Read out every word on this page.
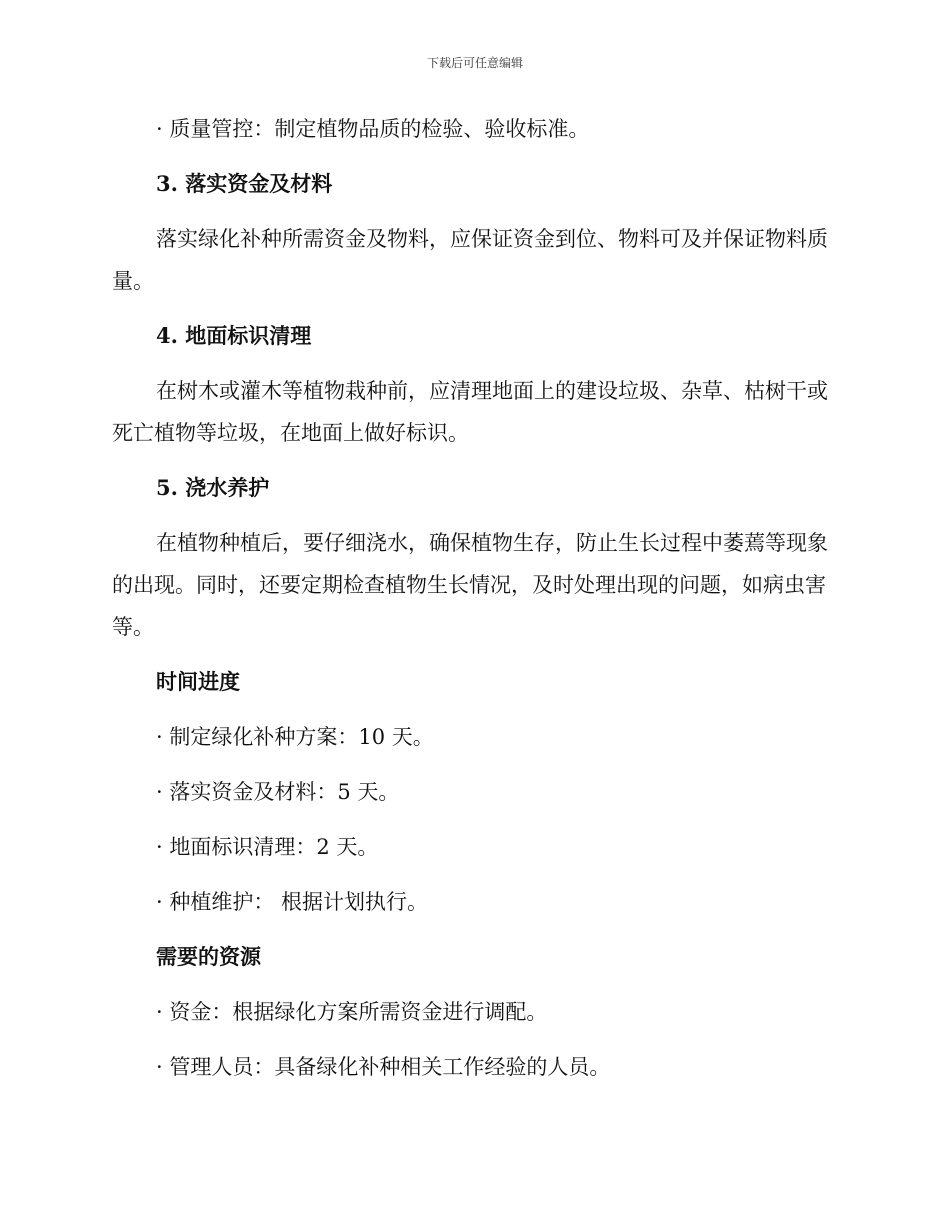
下载后可任意编辑

· 质量管控：制定植物品质的检验、验收标准。

3. 落实资金及材料

落实绿化补种所需资金及物料，应保证资金到位、物料可及并保证物料质量。

4. 地面标识清理

在树木或灌木等植物栽种前，应清理地面上的建设垃圾、杂草、枯树干或死亡植物等垃圾，在地面上做好标识。

5. 浇水养护

在植物种植后，要仔细浇水，确保植物生存，防止生长过程中萎蔫等现象的出现。同时，还要定期检查植物生长情况，及时处理出现的问题，如病虫害等。

时间进度

· 制定绿化补种方案：10 天。

· 落实资金及材料：5 天。

· 地面标识清理：2 天。

· 种植维护： 根据计划执行。

需要的资源

· 资金：根据绿化方案所需资金进行调配。

· 管理人员：具备绿化补种相关工作经验的人员。
